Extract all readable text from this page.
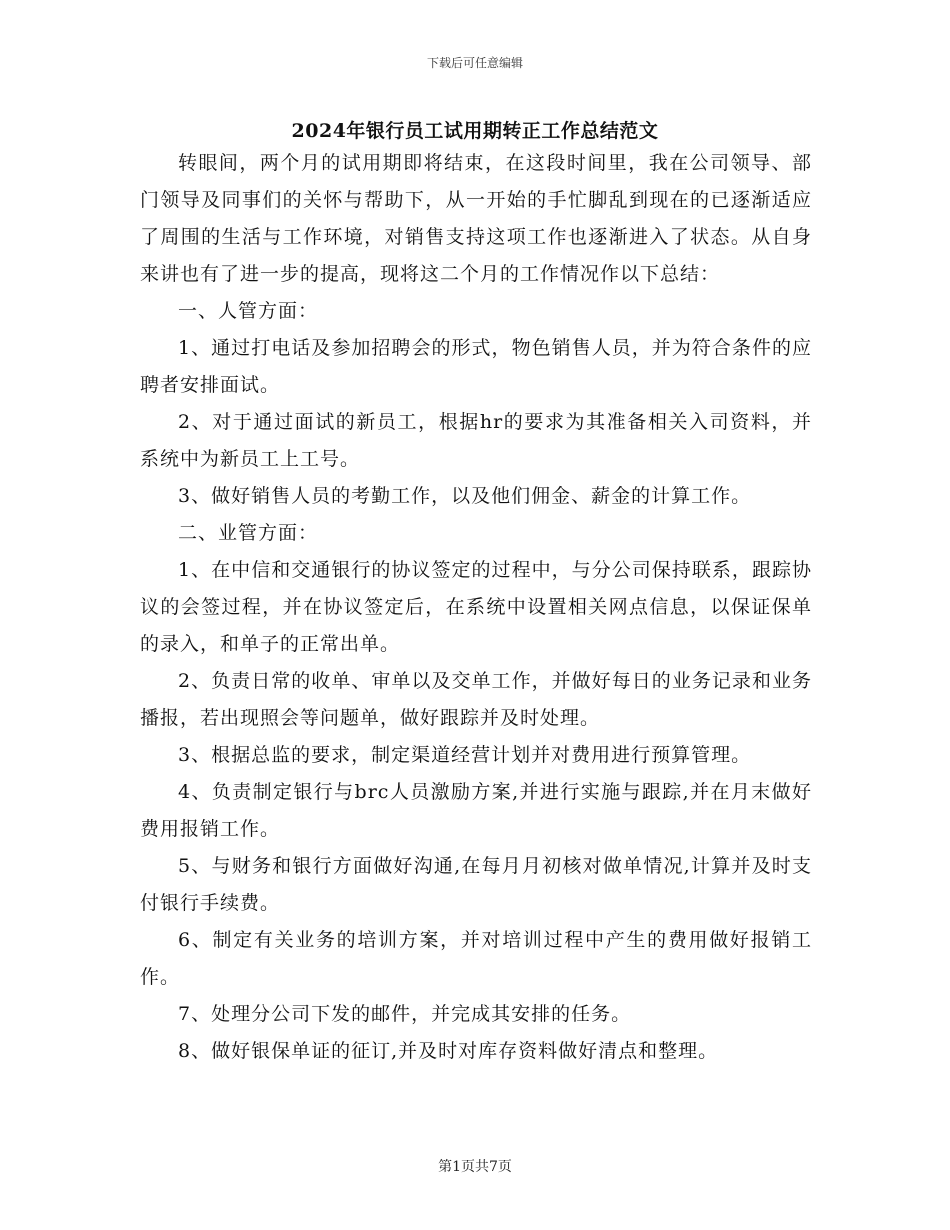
下载后可任意编辑
2024年银行员工试用期转正工作总结范文

转眼间，两个月的试用期即将结束，在这段时间里，我在公司领导、部门领导及同事们的关怀与帮助下，从一开始的手忙脚乱到现在的已逐渐适应了周围的生活与工作环境，对销售支持这项工作也逐渐进入了状态。从自身来讲也有了进一步的提高，现将这二个月的工作情况作以下总结：

一、人管方面：

1、通过打电话及参加招聘会的形式，物色销售人员，并为符合条件的应聘者安排面试。

2、对于通过面试的新员工，根据hr的要求为其准备相关入司资料，并系统中为新员工上工号。

3、做好销售人员的考勤工作，以及他们佣金、薪金的计算工作。

二、业管方面：

1、在中信和交通银行的协议签定的过程中，与分公司保持联系，跟踪协议的会签过程，并在协议签定后，在系统中设置相关网点信息，以保证保单的录入，和单子的正常出单。

2、负责日常的收单、审单以及交单工作，并做好每日的业务记录和业务播报，若出现照会等问题单，做好跟踪并及时处理。

3、根据总监的要求，制定渠道经营计划并对费用进行预算管理。

4、负责制定银行与brc人员激励方案,并进行实施与跟踪,并在月末做好费用报销工作。

5、与财务和银行方面做好沟通,在每月月初核对做单情况,计算并及时支付银行手续费。

6、制定有关业务的培训方案，并对培训过程中产生的费用做好报销工作。

7、处理分公司下发的邮件，并完成其安排的任务。

8、做好银保单证的征订,并及时对库存资料做好清点和整理。

第1页共7页
